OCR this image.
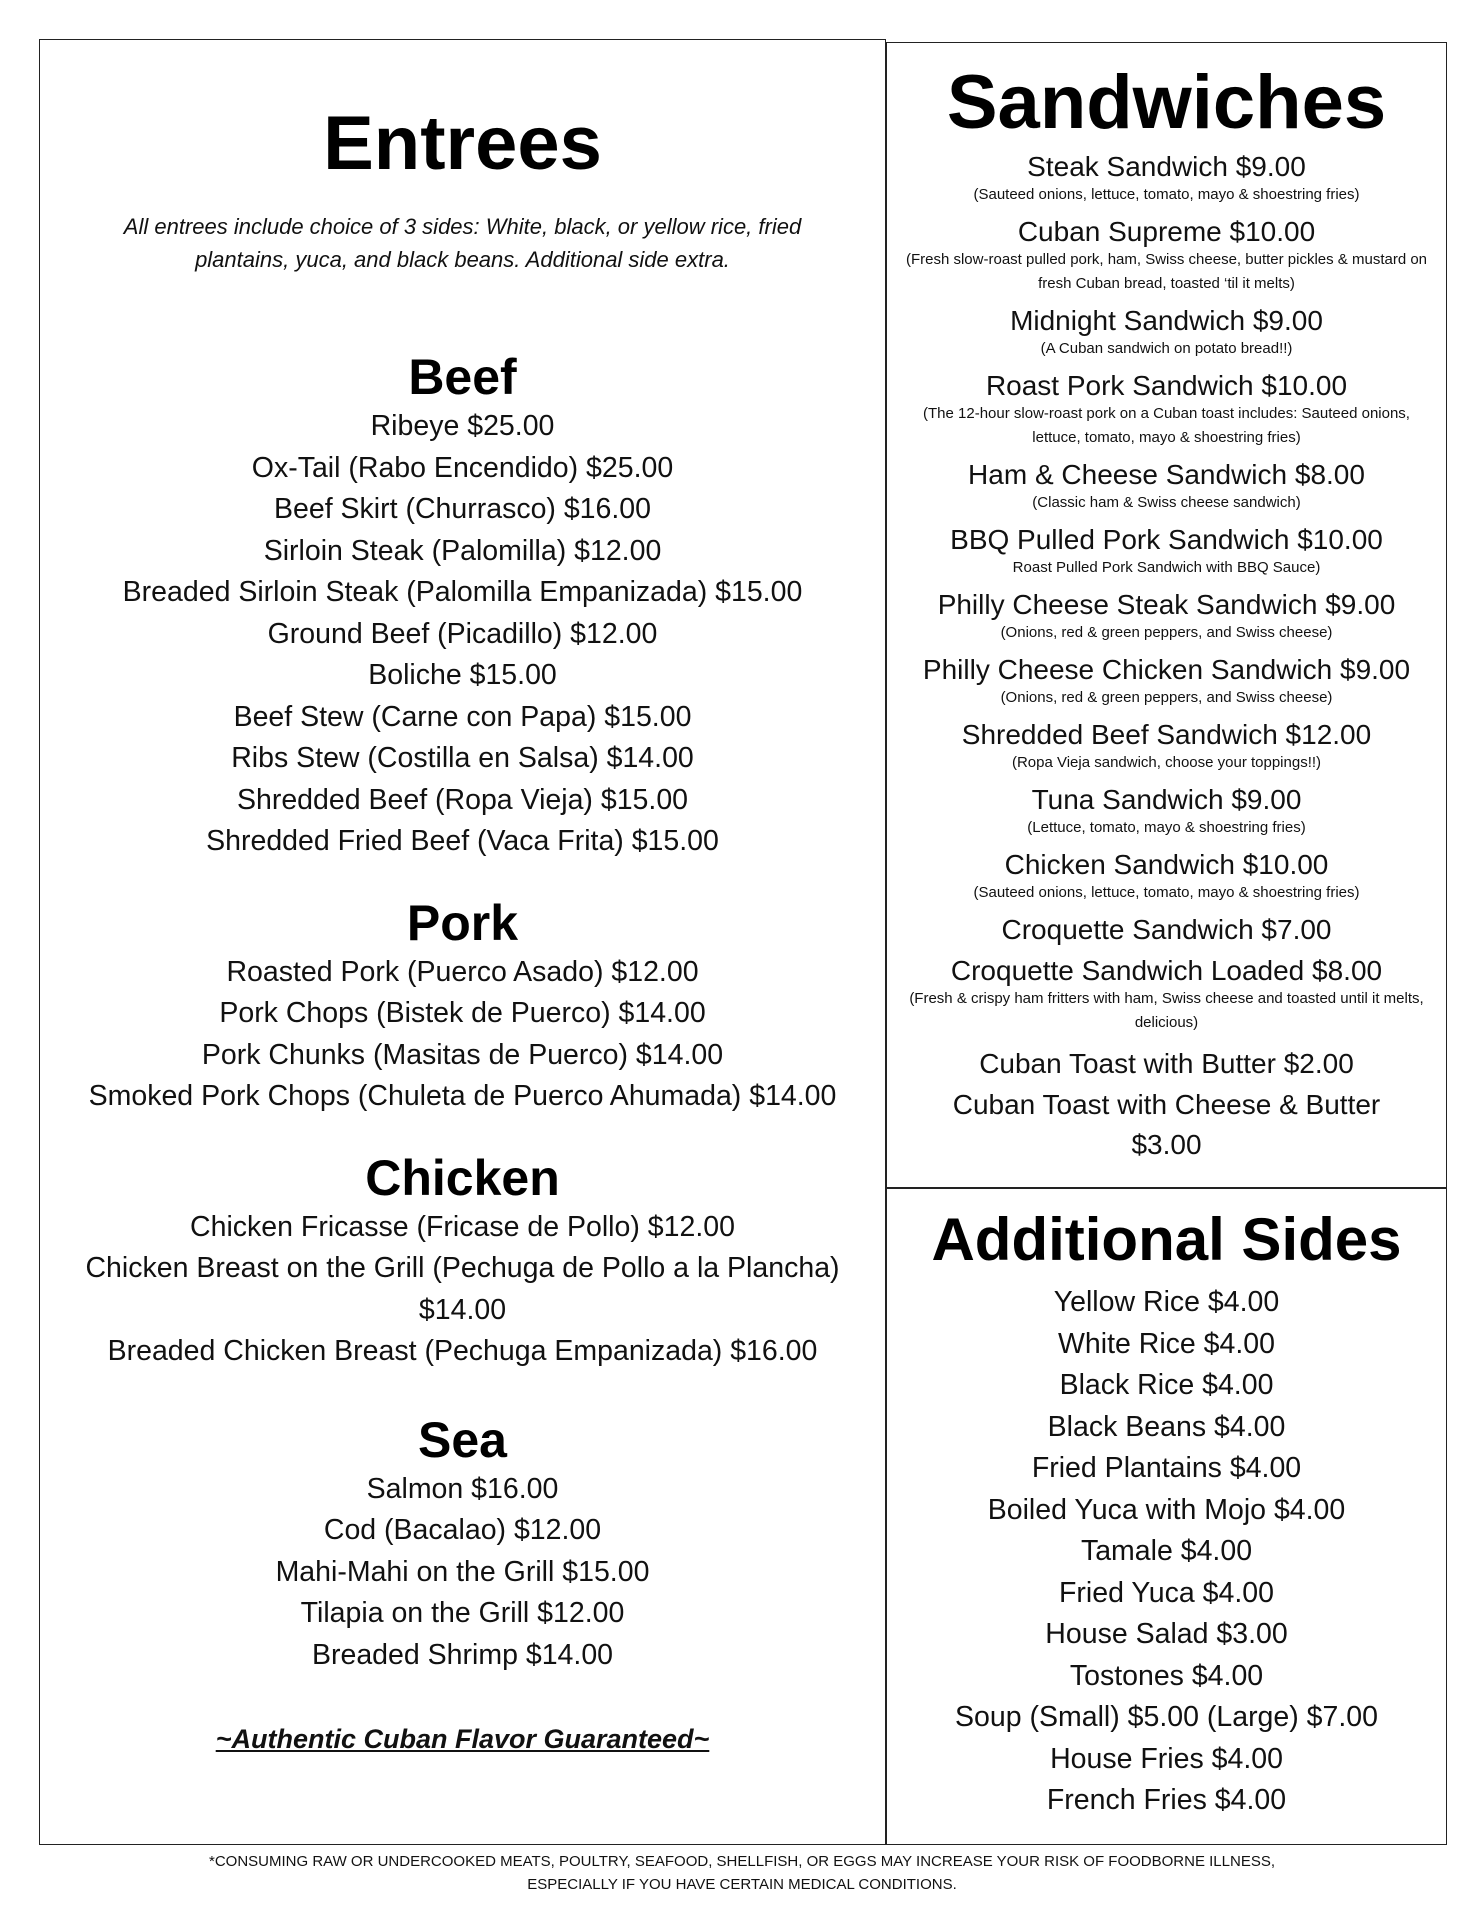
Entrees

All entrees include choice of 3 sides: White, black, or yellow rice, fried plantains, yuca, and black beans. Additional side extra.

Beef

Ribeye $25.00

Ox-Tail (Rabo Encendido) $25.00

Beef Skirt (Churrasco) $16.00

Sirloin Steak (Palomilla) $12.00

Breaded Sirloin Steak (Palomilla Empanizada) $15.00

Ground Beef (Picadillo) $12.00

Boliche $15.00

Beef Stew (Carne con Papa) $15.00

Ribs Stew (Costilla en Salsa) $14.00

Shredded Beef (Ropa Vieja) $15.00

Shredded Fried Beef (Vaca Frita) $15.00

Pork

Roasted Pork (Puerco Asado) $12.00

Pork Chops (Bistek de Puerco) $14.00

Pork Chunks (Masitas de Puerco) $14.00

Smoked Pork Chops (Chuleta de Puerco Ahumada) $14.00

Chicken

Chicken Fricasse (Fricase de Pollo) $12.00

Chicken Breast on the Grill (Pechuga de Pollo a la Plancha)

$14.00

Breaded Chicken Breast (Pechuga Empanizada) $16.00

Sea

Salmon $16.00

Cod (Bacalao) $12.00

Mahi-Mahi on the Grill $15.00

Tilapia on the Grill $12.00

Breaded Shrimp $14.00

~Authentic Cuban Flavor Guaranteed~

Sandwiches

Steak Sandwich $9.00

(Sauteed onions, lettuce, tomato, mayo & shoestring fries)

Cuban Supreme $10.00

(Fresh slow-roast pulled pork, ham, Swiss cheese, butter pickles & mustard on fresh Cuban bread, toasted ‘til it melts)

Midnight Sandwich $9.00

(A Cuban sandwich on potato bread!!)

Roast Pork Sandwich $10.00

(The 12-hour slow-roast pork on a Cuban toast includes: Sauteed onions, lettuce, tomato, mayo & shoestring fries)

Ham & Cheese Sandwich $8.00

(Classic ham & Swiss cheese sandwich)

BBQ Pulled Pork Sandwich $10.00

Roast Pulled Pork Sandwich with BBQ Sauce)

Philly Cheese Steak Sandwich $9.00

(Onions, red & green peppers, and Swiss cheese)

Philly Cheese Chicken Sandwich $9.00

(Onions, red & green peppers, and Swiss cheese)

Shredded Beef Sandwich $12.00

(Ropa Vieja sandwich, choose your toppings!!)

Tuna Sandwich $9.00

(Lettuce, tomato, mayo & shoestring fries)

Chicken Sandwich $10.00

(Sauteed onions, lettuce, tomato, mayo & shoestring fries)

Croquette Sandwich $7.00

Croquette Sandwich Loaded $8.00

(Fresh & crispy ham fritters with ham, Swiss cheese and toasted until it melts, delicious)

Cuban Toast with Butter $2.00

Cuban Toast with Cheese & Butter $3.00

Additional Sides

Yellow Rice $4.00

White Rice $4.00

Black Rice $4.00

Black Beans $4.00

Fried Plantains $4.00

Boiled Yuca with Mojo $4.00

Tamale $4.00

Fried Yuca $4.00

House Salad $3.00

Tostones $4.00

Soup (Small) $5.00 (Large) $7.00

House Fries $4.00

French Fries $4.00

*CONSUMING RAW OR UNDERCOOKED MEATS, POULTRY, SEAFOOD, SHELLFISH, OR EGGS MAY INCREASE YOUR RISK OF FOODBORNE ILLNESS,
ESPECIALLY IF YOU HAVE CERTAIN MEDICAL CONDITIONS.
